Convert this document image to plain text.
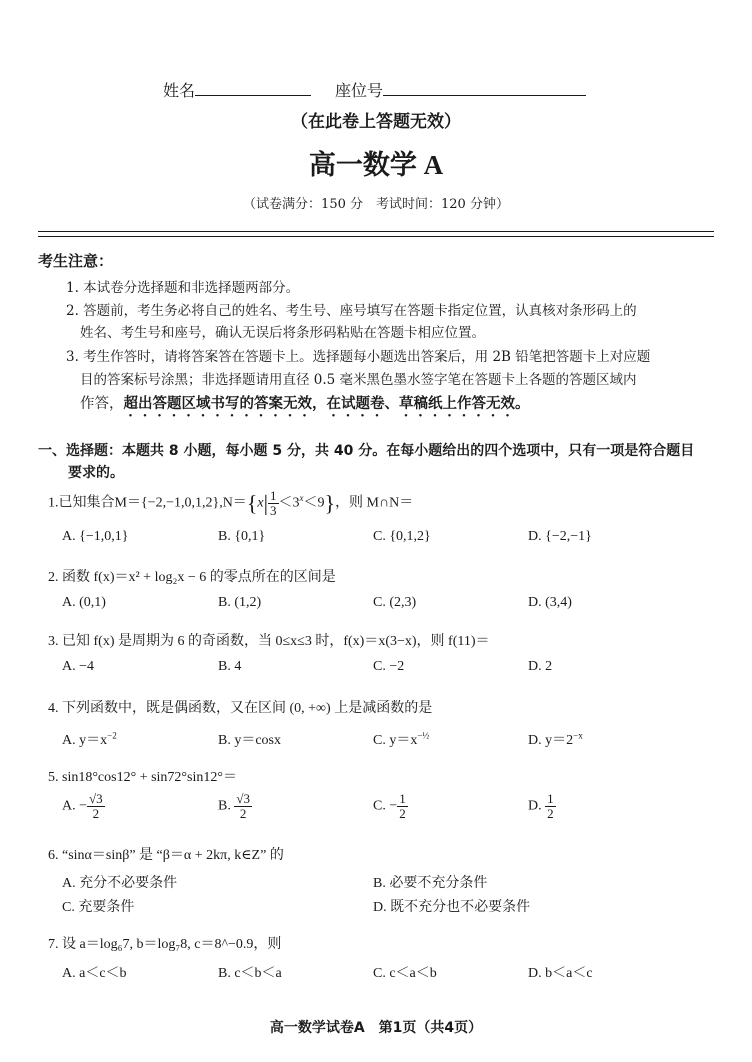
姓名	座位号
（在此卷上答题无效）
高一数学 A
（试卷满分：150 分　考试时间：120 分钟）
考生注意：
1. 本试卷分选择题和非选择题两部分。
2. 答题前，考生务必将自己的姓名、考生号、座号填写在答题卡指定位置，认真核对条形码上的
姓名、考生号和座号，确认无误后将条形码粘贴在答题卡相应位置。
3. 考生作答时，请将答案答在答题卡上。选择题每小题选出答案后，用 2B 铅笔把答题卡上对应题
目的答案标号涂黑；非选择题请用直径 0.5 毫米黑色墨水签字笔在答题卡上各题的答题区域内
作答，超出答题区域书写的答案无效，在试题卷、草稿纸上作答无效。
一、选择题：本题共 8 小题，每小题 5 分，共 40 分。在每小题给出的四个选项中，只有一项是符合题目
要求的。
1.已知集合$M=\{-2,-1,0,1,2\},N=\{x| \frac{1}{3} <3^x<9\}$，则 M∩N＝
A. {−1,0,1}	B. {0,1}	C. {0,1,2}	D. {−2,−1}
2. 函数 f(x)＝x² + log₂x − 6 的零点所在的区间是
A. (0,1)	B. (1,2)	C. (2,3)	D. (3,4)
3. 已知 f(x) 是周期为 6 的奇函数，当 0≤x≤3 时，f(x)＝x(3−x)，则 f(11)＝
A. −4	B. 4	C. −2	D. 2
4. 下列函数中，既是偶函数，又在区间 (0, +∞) 上是减函数的是
A. $y=x^{-2}$	B. y＝cosx	C. $y=x^{-\frac{1}{2}}$	D. $y=2^{-x}$
5. sin18°cos12° + sin72°sin12°＝
A. − $\frac{√3}{2}$	B. $\frac{√3}{2}$	C. − $\frac{1}{2}$	D. $\frac{1}{2}$
6. “sinα＝sinβ” 是 “β＝α + 2kπ, k∈Z” 的
A. 充分不必要条件	B. 必要不充分条件
C. 充要条件	D. 既不充分也不必要条件
7. 设 a＝log₆7, b＝log₇8, c＝8^−0.9，则
A. a＜c＜b	B. c＜b＜a	C. c＜a＜b	D. b＜a＜c
高一数学试卷A　第1页（共4页）
